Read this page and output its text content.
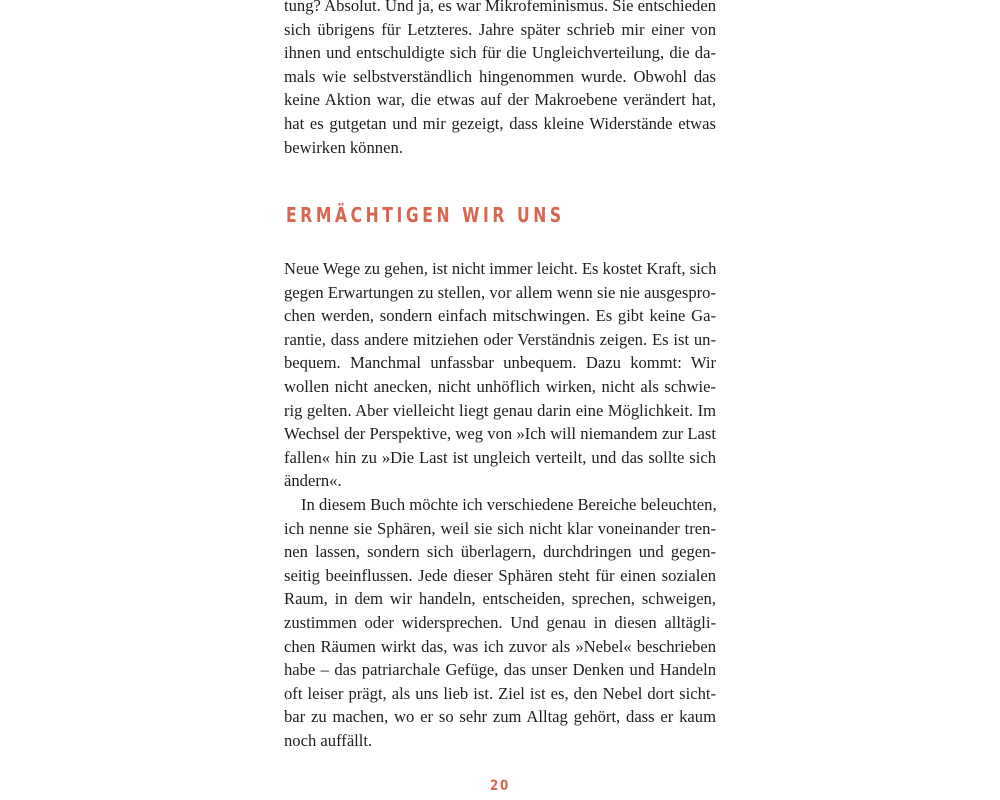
tung? Absolut. Und ja, es war Mikrofeminismus. Sie entschieden
sich übrigens für Letzteres. Jahre später schrieb mir einer von
ihnen und entschuldigte sich für die Ungleichverteilung, die da-
mals wie selbstverständlich hingenommen wurde. Obwohl das
keine Aktion war, die etwas auf der Makroebene verändert hat,
hat es gutgetan und mir gezeigt, dass kleine Widerstände etwas
bewirken können.
ERMÄCHTIGEN WIR UNS
Neue Wege zu gehen, ist nicht immer leicht. Es kostet Kraft, sich
gegen Erwartungen zu stellen, vor allem wenn sie nie ausgespro-
chen werden, sondern einfach mitschwingen. Es gibt keine Ga-
rantie, dass andere mitziehen oder Verständnis zeigen. Es ist un-
bequem. Manchmal unfassbar unbequem. Dazu kommt: Wir
wollen nicht anecken, nicht unhöflich wirken, nicht als schwie-
rig gelten. Aber vielleicht liegt genau darin eine Möglichkeit. Im
Wechsel der Perspektive, weg von »Ich will niemandem zur Last
fallen« hin zu »Die Last ist ungleich verteilt, und das sollte sich
ändern«.
In diesem Buch möchte ich verschiedene Bereiche beleuchten,
ich nenne sie Sphären, weil sie sich nicht klar voneinander tren-
nen lassen, sondern sich überlagern, durchdringen und gegen-
seitig beeinflussen. Jede dieser Sphären steht für einen sozialen
Raum, in dem wir handeln, entscheiden, sprechen, schweigen,
zustimmen oder widersprechen. Und genau in diesen alltägli-
chen Räumen wirkt das, was ich zuvor als »Nebel« beschrieben
habe – das patriarchale Gefüge, das unser Denken und Handeln
oft leiser prägt, als uns lieb ist. Ziel ist es, den Nebel dort sicht-
bar zu machen, wo er so sehr zum Alltag gehört, dass er kaum
noch auffällt.
20
